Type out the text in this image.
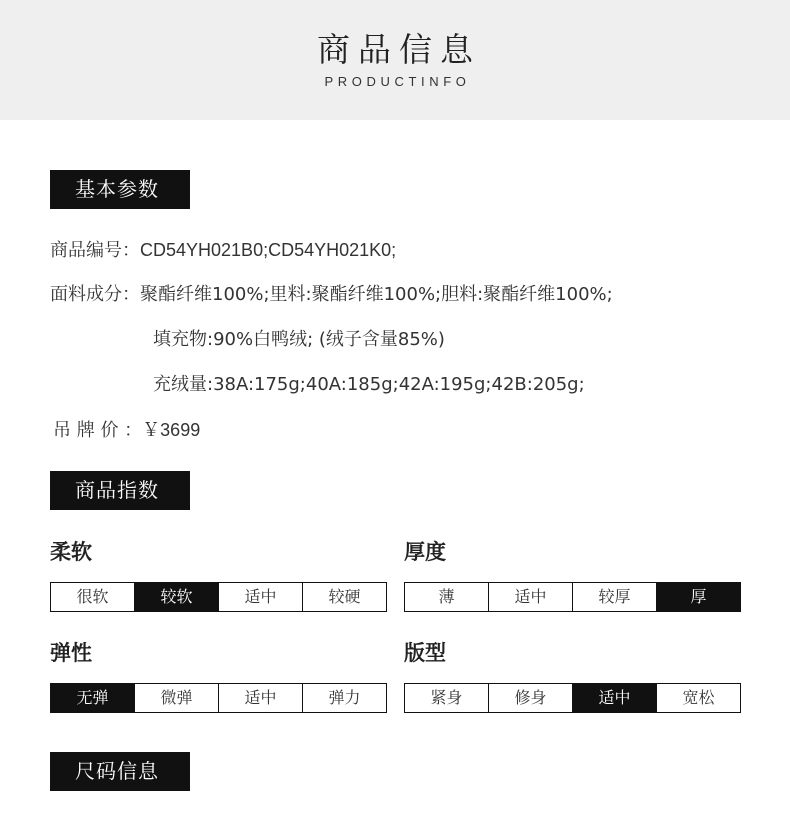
商品信息
PRODUCTINFO
基本参数
商品编号：CD54YH021B0;CD54YH021K0;
面料成分：聚酯纤维100%;里料:聚酯纤维100%;胆料:聚酯纤维100%;
填充物:90%白鸭绒; (绒子含量85%)
充绒量:38A:175g;40A:185g;42A:195g;42B:205g;
吊 牌 价 ：￥3699
商品指数
柔软
很软	较软	适中	较硬
厚度
薄	适中	较厚	厚
弹性
无弹	微弹	适中	弹力
版型
紧身	修身	适中	宽松
尺码信息
